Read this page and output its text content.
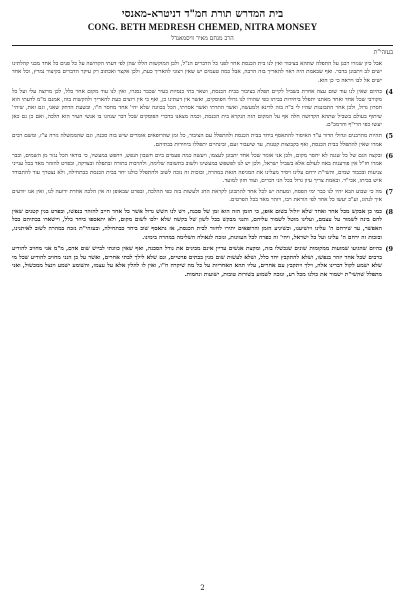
בית המדרש תורת חמ"ד דניטרא-מאנסי
CONG. BETH MEDRESH CHEMED, NITRA MONSEY
הרב מנחם מאיר וויסמאנדל
בעזהי"ת
אבל כיון שגזרו רבנן על התפלה שתהא בציבור ואין לנו בית הכנסת אחר לפני כל הדברים הנ"ל, ולכן המוקשות הללו שהן לפי דעתי הקדושה על כל פנים כל אחד מבני קהלתינו ישים לב ויתבונן בדבר. ואף שבאמת היה ראוי להאריך בזה הרבה, אבל כמה טעמים יש שאין רצוני להאריך כעת, ולכן אקצר ואכתוב רק עיקר הדברים בקיצור נמרץ, וכל אחד ישים אל לבו ויראה כי כן הוא.
4)
כהיום שאין לנו עוד שום עצה אחרת בשביל לקיים תפלה בציבור בבית הכנסת, ושאר בתי כנסיות בעיר שכבר נסגרו, ואין לנו עוד מקום אחר כלל, לכן מרוצה עלי ועל כל מקורבי שכל אחד ואחד מאתנו יתפלל ביחידות בביתו כפי שהורו לנו גדולי הפוסקים, ואשר אין דעתינו כן, ואף כי אין רוצים כעת להאריך ולהקשות בזה, אמנם מ"מ לדעתי הוא חסרון גדול, ולכן אחר התבוננות שהיו לי ב"ה בזה לדינא ולמעשה, ואשר התרתי ואשר אסרתי, הכל בכוונה שלא יהי' אחד מחסר ח"ו, ובשעת הדחק שאני, וגם זאת, שיהי' שיתוף בעולם בשביל שתהא הקדושה חלה אף על המקום הזה הנקרא בית הכנסת, וכמה מצאנו בדברי הפוסקים שכל דבר שנהגו בו אנשי העיר הוא הלכה, ואם כן גם כאן יעשו כפי הרי"ף והרמב"ם.
5)
תהיות מהרבנים וגדולי הדור ע"ד האיסור להתאסף ביחד בבית הכנסת ולהתפלל עם הציבור, כל זמן שהרופאים אומרים שיש בזה סכנה, וגם שהממשלה גזרה ע"ז, ומשם רבים אמרו שאין להתפלל בבית הכנסת, ואף בקבוצות קטנות, עד שיעבור זעם, ובינתיים יתפללו ביחידות בבתיהם.
6)
ובקצה הגם של כל שגגה לא יחסר מקום, ולכן אני אומר שכל אחד יתבונן לעצמו, ויעשה כמה פעמים ביום חשבון הנפש, ויחפש במעשיו, כי בודאי הכל נגזר מן השמים, וכבר אמרו חז"ל אין פורענות באה לעולם אלא בשביל ישראל, ולכן יש לנו לפשפש במעשינו ולשוב בתשובה שלימה, ולהרבות בתורה ובתפלה ובצדקה, ובפרט להזהר מאד בכל ענייני צניעות ובכבוד שמים, והשי"ת ירחם עלינו ויסיר מעלינו את המגיפה הזאת במהרה, ובזכות זה נזכה לשוב ולהתפלל כולנו יחד בבית הכנסת כבתחילה, ולא נצטרך עוד להתבודד איש בביתו, אכי"ר. ובאמת צריך עיון גדול בכל הני דברים, ועוד חזון למועד.
7)
מה כי שבוע הבא יהיו לנו כבר ימי הפסח, ומעתה יש לכל אחד להתכונן לקראת החג ולעשות בזה כפי ההלכה, ובפרט שבאופן זה אין הלכה אחרת ידועה לנו, ואין אנו יודעים איך לנהוג, וע"כ יעשו כל אחד לפי הוראת רבו, ויזהר מאד בכל הפרטים.
8)
כמו כן אבקש מכל אחד ואחד שלא יזלזל בשום אופן, כי הזמן הזה הוא זמן של סכנה, ויש לנו חשש גדול אשר כל אחד חייב להזהר בנפשו, ובפרט בגין קטנים שאין להם בינה לשמור על עצמם, ועלינו מוטל לשמור עליהם, והנני מבקש בכל לשון של בקשה שלא ילכו לשום מקום, ולא יתאספו ביחד כלל, ויישארו בבתיהם ככל האפשר, עד שירחם ה' עלינו ויושיענו, וכשיגיע הזמן והרופאים יתירו לחזור לבית הכנסת, אז נתאסף שוב ביחד כבתחילה, ובעזהי"ת נזכה במהרה לשוב לאיתנינו, ובזכות זה ירחם ה' עלינו ועל כל ישראל, ויהי' זה כפרה לכל העוונות, ונזכה לגאולה השלימה במהרה בימינו.
9)
כהיום שהגיעו שמועות ממקומות שונים שנכשלו בזה, ומקצת אנשים עדיין אינם מבינים את גודל הסכנה, ואף שאין כוונתי לבייש שום אדם, מ"מ אני מחויב להודיע ברבים שכל אחד יזהר בנפשו, ושלא להתקבץ יחד כלל, ושלא לעשות שום מנין בבתים פרטיים, וגם שלא לילך לבתי אחרים, ואשר על כן הנני מחויב להודיע שכל מי שלא ישמע לקול דברינו אלה, וילך ויתקבץ עם אחרים, עליו תהא האחריות על כל מה שיקרה ח"ו, ואין לו להלין אלא על עצמו, והשומע ישמע וינצל ממכשול, ואני מתפלל שהשי"ת ישמור את כולנו מכל רע, ונזכה לשמוע בשורות טובות, ישועות ונחמות.
2
